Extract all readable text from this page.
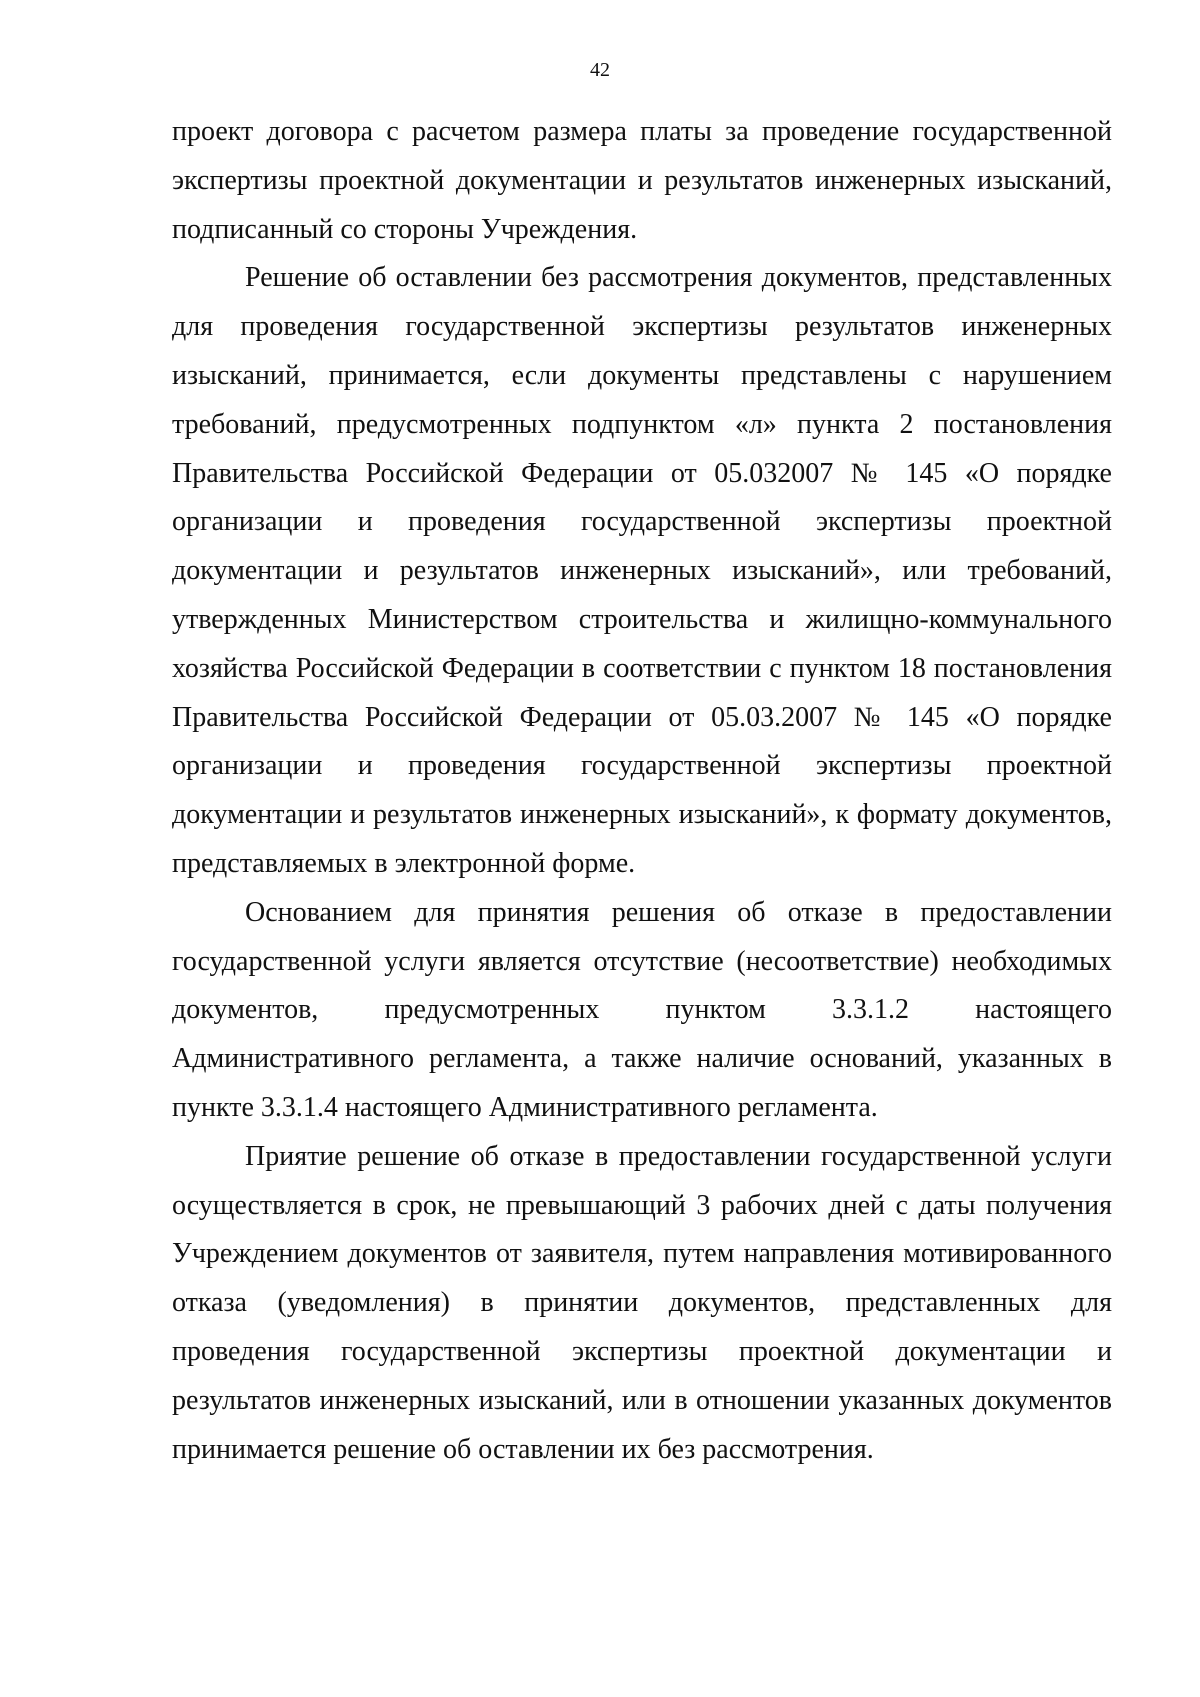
42

проект договора с расчетом размера платы за проведение государственной экспертизы проектной документации и результатов инженерных изысканий, подписанный со стороны Учреждения.

Решение об оставлении без рассмотрения документов, представленных для проведения государственной экспертизы результатов инженерных изысканий, принимается, если документы представлены с нарушением требований, предусмотренных подпунктом «л» пункта 2 постановления Правительства Российской Федерации от 05.032007 № 145 «О порядке организации и проведения государственной экспертизы проектной документации и результатов инженерных изысканий», или требований, утвержденных Министерством строительства и жилищно-коммунального хозяйства Российской Федерации в соответствии с пунктом 18 постановления Правительства Российской Федерации от 05.03.2007 № 145 «О порядке организации и проведения государственной экспертизы проектной документации и результатов инженерных изысканий», к формату документов, представляемых в электронной форме.

Основанием для принятия решения об отказе в предоставлении государственной услуги является отсутствие (несоответствие) необходимых документов, предусмотренных пунктом 3.3.1.2 настоящего Административного регламента, а также наличие оснований, указанных в пункте 3.3.1.4 настоящего Административного регламента.

Приятие решение об отказе в предоставлении государственной услуги осуществляется в срок, не превышающий 3 рабочих дней с даты получения Учреждением документов от заявителя, путем направления мотивированного отказа (уведомления) в принятии документов, представленных для проведения государственной экспертизы проектной документации и результатов инженерных изысканий, или в отношении указанных документов принимается решение об оставлении их без рассмотрения.
